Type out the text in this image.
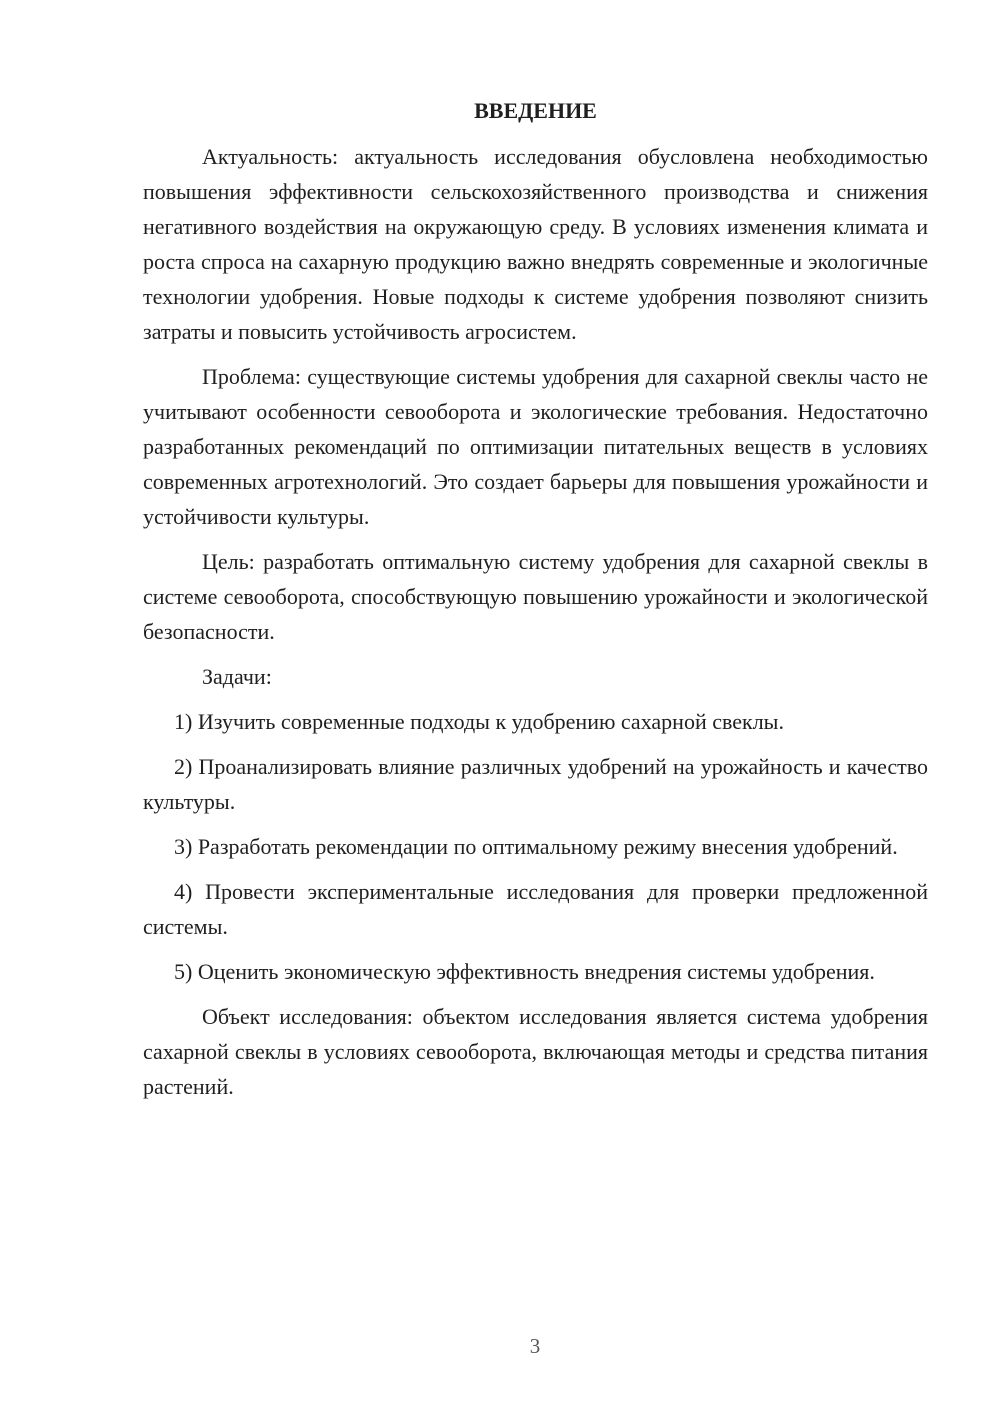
ВВЕДЕНИЕ

Актуальность: актуальность исследования обусловлена необходимостью повышения эффективности сельскохозяйственного производства и снижения негативного воздействия на окружающую среду. В условиях изменения климата и роста спроса на сахарную продукцию важно внедрять современные и экологичные технологии удобрения. Новые подходы к системе удобрения позволяют снизить затраты и повысить устойчивость агросистем.

Проблема: существующие системы удобрения для сахарной свеклы часто не учитывают особенности севооборота и экологические требования. Недостаточно разработанных рекомендаций по оптимизации питательных веществ в условиях современных агротехнологий. Это создает барьеры для повышения урожайности и устойчивости культуры.

Цель: разработать оптимальную систему удобрения для сахарной свеклы в системе севооборота, способствующую повышению урожайности и экологической безопасности.

Задачи:

1) Изучить современные подходы к удобрению сахарной свеклы.

2) Проанализировать влияние различных удобрений на урожайность и качество культуры.

3) Разработать рекомендации по оптимальному режиму внесения удобрений.

4) Провести экспериментальные исследования для проверки предложенной системы.

5) Оценить экономическую эффективность внедрения системы удобрения.

Объект исследования: объектом исследования является система удобрения сахарной свеклы в условиях севооборота, включающая методы и средства питания растений.

3
